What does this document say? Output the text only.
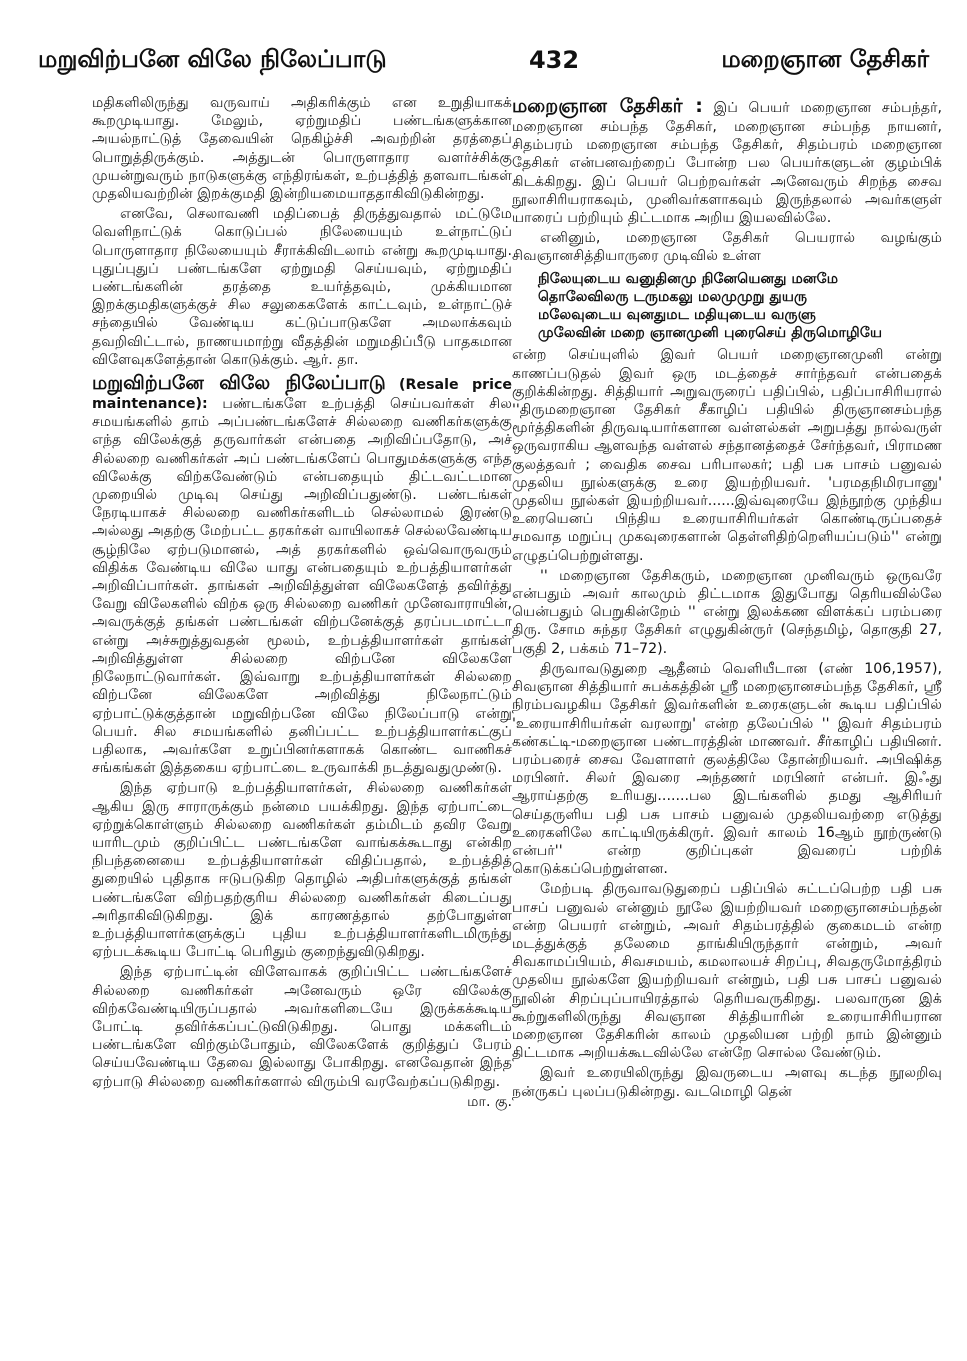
மறுவிற்பனே விலே நிலேப்பாடு	432	மறைஞான தேசிகர்

மதிகளிலிருந்து வருவாய் அதிகரிக்கும் என உறுதியாகக் கூறமுடியாது. மேலும், ஏற்றுமதிப் பண்டங்களுக்கான அயல்நாட்டுத் தேவையின் நெகிழ்ச்சி அவற்றின் தரத்தைப் பொறுத்திருக்கும். அத்துடன் பொருளாதார வளர்ச்சிக்கு முயன்றுவரும் நாடுகளுக்கு எந்திரங்கள், உற்பத்தித் தளவாடங்கள் முதலியவற்றின் இறக்குமதி இன்றியமையாததாகிவிடுகின்றது.

எனவே, செலாவணி மதிப்பைத் திருத்துவதால் மட்டுமே வெளிநாட்டுக் கொடுப்பல் நிலேயையும் உள்நாட்டுப் பொருளாதார நிலேயையும் சீராக்கிவிடலாம் என்று கூறமுடியாது. புதுப்புதுப் பண்டங்களே ஏற்றுமதி செய்யவும், ஏற்றுமதிப் பண்டங்களின் தரத்தை உயர்த்தவும், முக்கியமான இறக்குமதிகளுக்குச் சில சலுகைகளேக் காட்டவும், உள்நாட்டுச் சந்தையில் வேண்டிய கட்டுப்பாடுகளே அமலாக்கவும் தவறிவிட்டால், நாணயமாற்று வீதத்தின் மறுமதிப்பீடு பாதகமான விளேவுகளேத்தான் கொடுக்கும். ஆர். தா.

மறுவிற்பனே விலே நிலேப்பாடு (Resale price maintenance): பண்டங்களே உற்பத்தி செய்பவர்கள் சில சமயங்களில் தாம் அப்பண்டங்களேச் சில்லறை வணிகர்களுக்கு எந்த விலேக்குத் தருவார்கள் என்பதை அறிவிப்பதோடு, அச் சில்லறை வணிகர்கள் அப் பண்டங்களேப் பொதுமக்களுக்கு எந்த விலேக்கு விற்கவேண்டும் என்பதையும் திட்டவட்டமான முறையில் முடிவு செய்து அறிவிப்பதுண்டு. பண்டங்கள் நேரடியாகச் சில்லறை வணிகர்களிடம் செல்லாமல் இரண்டு அல்லது அதற்கு மேற்பட்ட தரகர்கள் வாயிலாகச் செல்லவேண்டிய சூழ்நிலே ஏற்படுமானல், அத் தரகர்களில் ஒவ்வொருவரும் விதிக்க வேண்டிய விலே யாது என்பதையும் உற்பத்தியாளர்கள் அறிவிப்பார்கள். தாங்கள் அறிவித்துள்ள விலேகளேத் தவிர்த்து வேறு விலேகளில் விற்க ஒரு சில்லறை வணிகர் முனேவாராயின், அவருக்குத் தங்கள் பண்டங்கள் விற்பனேக்குத் தரப்படமாட்டா என்று அச்சுறுத்துவதன் மூலம், உற்பத்தியாளர்கள் தாங்கள் அறிவித்துள்ள சில்லறை விற்பனே விலேகளே நிலேநாட்டுவார்கள். இவ்வாறு உற்பத்தியாளர்கள் சில்லறை விற்பனே விலேகளே அறிவித்து நிலேநாட்டும் ஏற்பாட்டுக்குத்தான் மறுவிற்பனே விலே நிலேப்பாடு என்று பெயர். சில சமயங்களில் தனிப்பட்ட உற்பத்தியாளர்கட்குப் பதிலாக, அவர்களே உறுப்பினர்களாகக் கொண்ட வாணிகச் சங்கங்கள் இத்தகைய ஏற்பாட்டை உருவாக்கி நடத்துவதுமுண்டு.

இந்த ஏற்பாடு உற்பத்தியாளர்கள், சில்லறை வணிகர்கள் ஆகிய இரு சாராருக்கும் நன்மை பயக்கிறது. இந்த ஏற்பாட்டை ஏற்றுக்கொள்ளும் சில்லறை வணிகர்கள் தம்மிடம் தவிர வேறு யாரிடமும் குறிப்பிட்ட பண்டங்களே வாங்கக்கூடாது என்கிற நிபந்தனையை உற்பத்தியாளர்கள் விதிப்பதால், உற்பத்தித் துறையில் புதிதாக ஈடுபடுகிற தொழில் அதிபர்களுக்குத் தங்கள் பண்டங்களே விற்பதற்குரிய சில்லறை வணிகர்கள் கிடைப்பது அரிதாகிவிடுகிறது. இக் காரணத்தால் தற்போதுள்ள உற்பத்தியாளர்களுக்குப் புதிய உற்பத்தியாளர்களிடமிருந்து ஏற்படக்கூடிய போட்டி பெரிதும் குறைந்துவிடுகிறது.

இந்த ஏற்பாட்டின் விளேவாகக் குறிப்பிட்ட பண்டங்களேச் சில்லறை வணிகர்கள் அனேவரும் ஒரே விலேக்கு விற்கவேண்டியிருப்பதால் அவர்களிடையே இருக்கக்கூடிய போட்டி தவிர்க்கப்பட்டுவிடுகிறது. பொது மக்களிடம் பண்டங்களே விற்கும்போதும், விலேகளேக் குறித்துப் பேரம் செய்யவேண்டிய தேவை இல்லாது போகிறது. எனவேதான் இந்த ஏற்பாடு சில்லறை வணிகர்களால் விரும்பி வரவேற்கப்படுகிறது.

மா. கு.

மறைஞான தேசிகர் : இப் பெயர் மறைஞான சம்பந்தர், மறைஞான சம்பந்த தேசிகர், மறைஞான சம்பந்த நாயனர், சிதம்பரம் மறைஞான சம்பந்த தேசிகர், சிதம்பரம் மறைஞான தேசிகர் என்பனவற்றைப் போன்ற பல பெயர்களுடன் குழம்பிக் கிடக்கிறது. இப் பெயர் பெற்றவர்கள் அனேவரும் சிறந்த சைவ நூலாசிரியராகவும், முனிவர்களாகவும் இருந்தலால் அவர்களுள் யாரைப் பற்றியும் திட்டமாக அறிய இயலவில்லே.

எனினும், மறைஞான தேசிகர் பெயரால் வழங்கும் சிவஞானசித்தியாருரை முடிவில் உள்ள

நிலேயுடைய வனுதினமு நினேயெனது மனமே
தொலேவிலரு டருமகலு மலமுமுறு துயரு
மலேவுடைய வுனதுமட மதியுடைய வருளு
முலேவின் மறை ஞானமுனி புரைசெய் திருமொழியே

என்ற செய்யுளில் இவர் பெயர் மறைஞானமுனி என்று காணப்படுதல் இவர் ஒரு மடத்தைச் சார்ந்தவர் என்பதைக் குறிக்கின்றது. சித்தியார் அறுவருரைப் பதிப்பில், பதிப்பாசிரியரால் ''திருமறைஞான தேசிகர் சீகாழிப் பதியில் திருஞானசம்பந்த மூர்த்திகளின் திருவடியார்களான வள்ளல்கள் அறுபத்து நால்வருள் ஒருவராகிய ஆளவந்த வள்ளல் சந்தானத்தைச் சேர்ந்தவர், பிராமண குலத்தவர் ; வைதிக சைவ பரிபாலகர்; பதி பசு பாசம் பனுவல் முதலிய நூல்களுக்கு உரை இயற்றியவர். 'பரமதநிமிரபானு' முதலிய நூல்கள் இயற்றியவர்......இவ்வுரையே இந்நூற்கு முந்திய உரையெனப் பிந்திய உரையாசிரியர்கள் கொண்டிருப்பதைச் சமவாத மறுப்பு முகவுரைகளான் தெள்ளிதிற்றெளியப்படும்'' என்று எழுதப்பெற்றுள்ளது.

'' மறைஞான தேசிகரும், மறைஞான முனிவரும் ஒருவரே என்பதும் அவர் காலமும் திட்டமாக இதுபோது தெரியவில்லே யென்பதும் பெறுகின்றேம் '' என்று இலக்கண விளக்கப் பரம்பரை திரு. சோம சுந்தர தேசிகர் எழுதுகின்ருர் (செந்தமிழ், தொகுதி 27, பகுதி 2, பக்கம் 71–72).

திருவாவடுதுறை ஆதீனம் வெளியீடான (எண் 106,1957), சிவஞான சித்தியார் சுபக்கத்தின் ஸ்ரீ மறைஞானசம்பந்த தேசிகர், ஸ்ரீ நிரம்பவழகிய தேசிகர் இவர்களின் உரைகளுடன் கூடிய பதிப்பில் 'உரையாசிரியர்கள் வரலாறு' என்ற தலேப்பில் '' இவர் சிதம்பரம் கண்கட்டி-மறைஞான பண்டாரத்தின் மாணவர். சீர்காழிப் பதியினர். பரம்பரைச் சைவ வேளாளர் குலத்திலே தோன்றியவர். அபிஷிக்த மரபினர். சிலர் இவரை அந்தணர் மரபினர் என்பர். இஃது ஆராய்தற்கு உரியது.......பல இடங்களில் தமது ஆசிரியர் செய்தருளிய பதி பசு பாசம் பனுவல் முதலியவற்றை எடுத்து உரைகளிலே காட்டியிருக்கிருர். இவர் காலம் 16ஆம் நூற்ருண்டு என்பர்'' என்ற குறிப்புகள் இவரைப் பற்றிக் கொடுக்கப்பெற்றுள்ளன.

மேற்படி திருவாவடுதுறைப் பதிப்பில் சுட்டப்பெற்ற பதி பசு பாசப் பனுவல் என்னும் நூலே இயற்றியவர் மறைஞானசம்பந்தன் என்ற பெயரர் என்றும், அவர் சிதம்பரத்தில் குகைமடம் என்ற மடத்துக்குத் தலேமை தாங்கியிருந்தார் என்றும், அவர் சிவகாமப்பியம், சிவசமயம், கமலாலயச் சிறப்பு, சிவதருமோத்திரம் முதலிய நூல்களே இயற்றியவர் என்றும், பதி பசு பாசப் பனுவல் நூலின் சிறப்புப்பாயிரத்தால் தெரியவருகிறது. பலவாருன இக் கூற்றுகளிலிருந்து சிவஞான சித்தியாரின் உரையாசிரியரான மறைஞான தேசிகரின் காலம் முதலியன பற்றி நாம் இன்னும் திட்டமாக அறியக்கூடவில்லே என்றே சொல்ல வேண்டும்.

இவர் உரையிலிருந்து இவருடைய அளவு கடந்த நூலறிவு நன்ருகப் புலப்படுகின்றது. வடமொழி தென்
